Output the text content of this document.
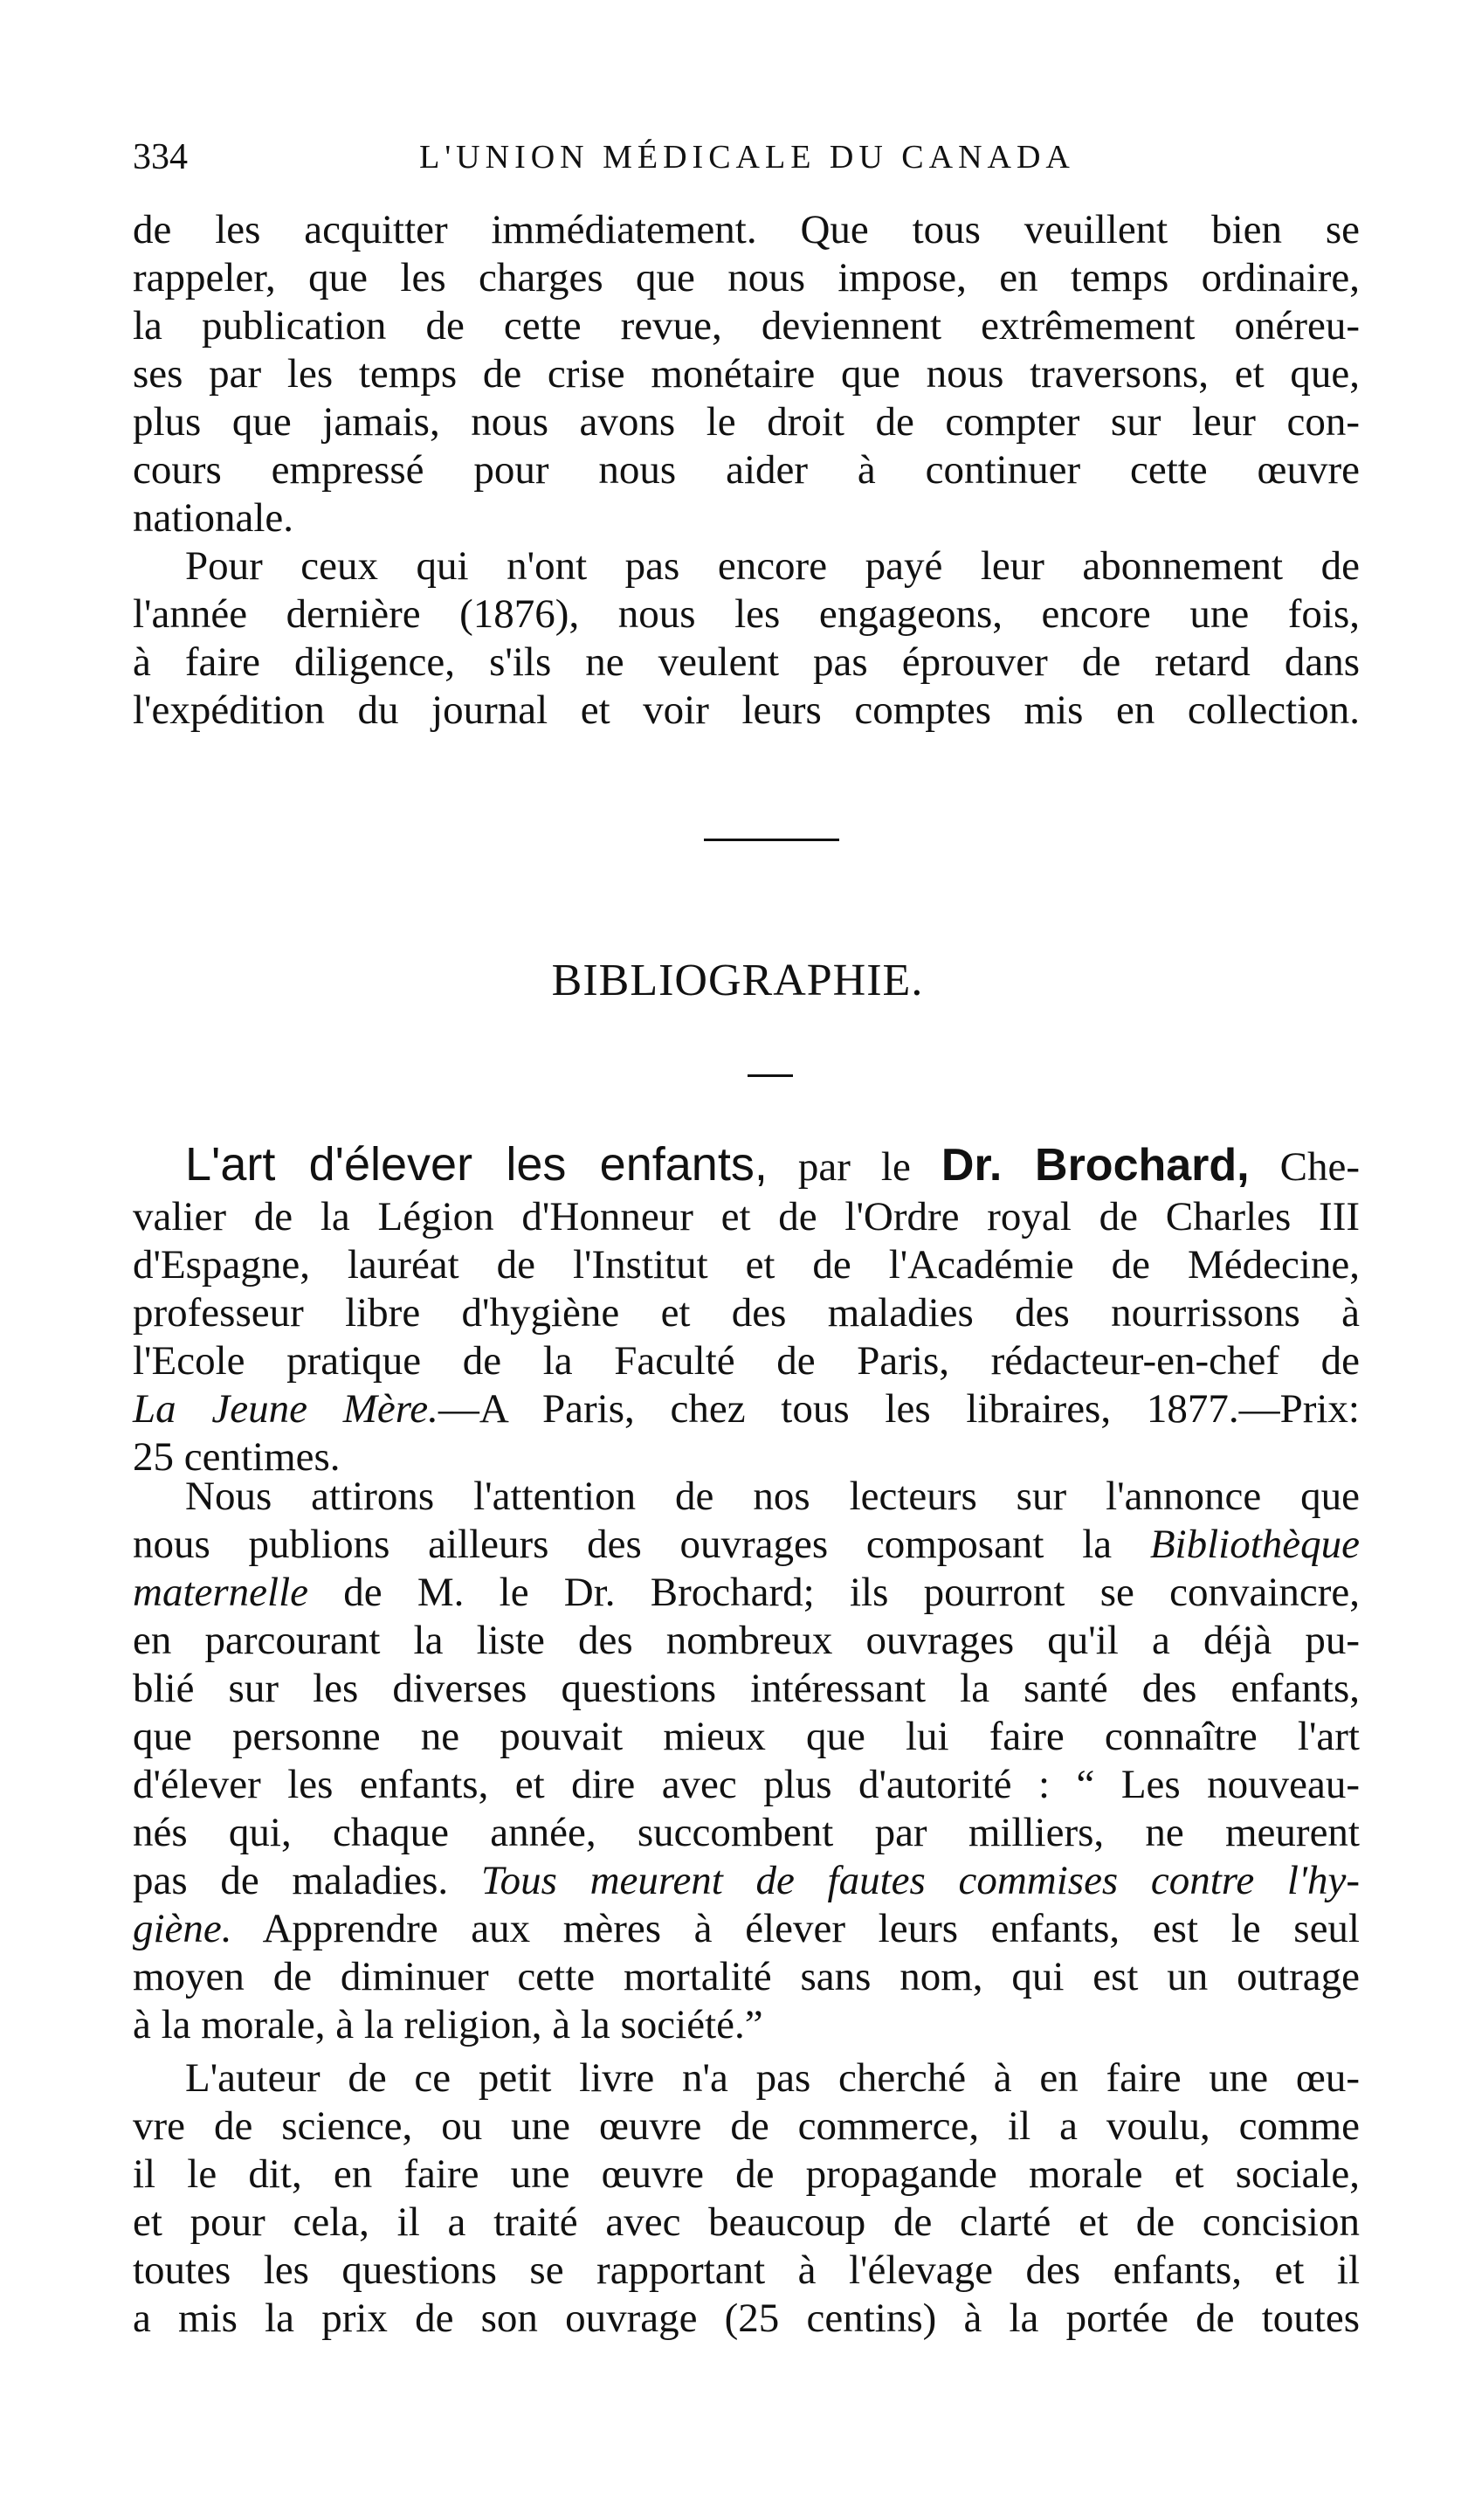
334	L'UNION MÉDICALE DU CANADA
de les acquitter immédiatement. Que tous veuillent bien se
rappeler, que les charges que nous impose, en temps ordinaire,
la publication de cette revue, deviennent extrêmement onéreu-
ses par les temps de crise monétaire que nous traversons, et que,
plus que jamais, nous avons le droit de compter sur leur con-
cours empressé pour nous aider à continuer cette œuvre
nationale.
Pour ceux qui n'ont pas encore payé leur abonnement de
l'année dernière (1876), nous les engageons, encore une fois,
à faire diligence, s'ils ne veulent pas éprouver de retard dans
l'expédition du journal et voir leurs comptes mis en collection.
BIBLIOGRAPHIE.
L'art d'élever les enfants, par le Dr. Brochard, Che-
valier de la Légion d'Honneur et de l'Ordre royal de Charles III
d'Espagne, lauréat de l'Institut et de l'Académie de Médecine,
professeur libre d'hygiène et des maladies des nourrissons à
l'Ecole pratique de la Faculté de Paris, rédacteur-en-chef de
La Jeune Mère.—A Paris, chez tous les libraires, 1877.—Prix:
25 centimes.
Nous attirons l'attention de nos lecteurs sur l'annonce que
nous publions ailleurs des ouvrages composant la Bibliothèque
maternelle de M. le Dr. Brochard; ils pourront se convaincre,
en parcourant la liste des nombreux ouvrages qu'il a déjà pu-
blié sur les diverses questions intéressant la santé des enfants,
que personne ne pouvait mieux que lui faire connaître l'art
d'élever les enfants, et dire avec plus d'autorité : “ Les nouveau-
nés qui, chaque année, succombent par milliers, ne meurent
pas de maladies. Tous meurent de fautes commises contre l'hy-
giène. Apprendre aux mères à élever leurs enfants, est le seul
moyen de diminuer cette mortalité sans nom, qui est un outrage
à la morale, à la religion, à la société.”
L'auteur de ce petit livre n'a pas cherché à en faire une œu-
vre de science, ou une œuvre de commerce, il a voulu, comme
il le dit, en faire une œuvre de propagande morale et sociale,
et pour cela, il a traité avec beaucoup de clarté et de concision
toutes les questions se rapportant à l'élevage des enfants, et il
a mis la prix de son ouvrage (25 centins) à la portée de toutes
